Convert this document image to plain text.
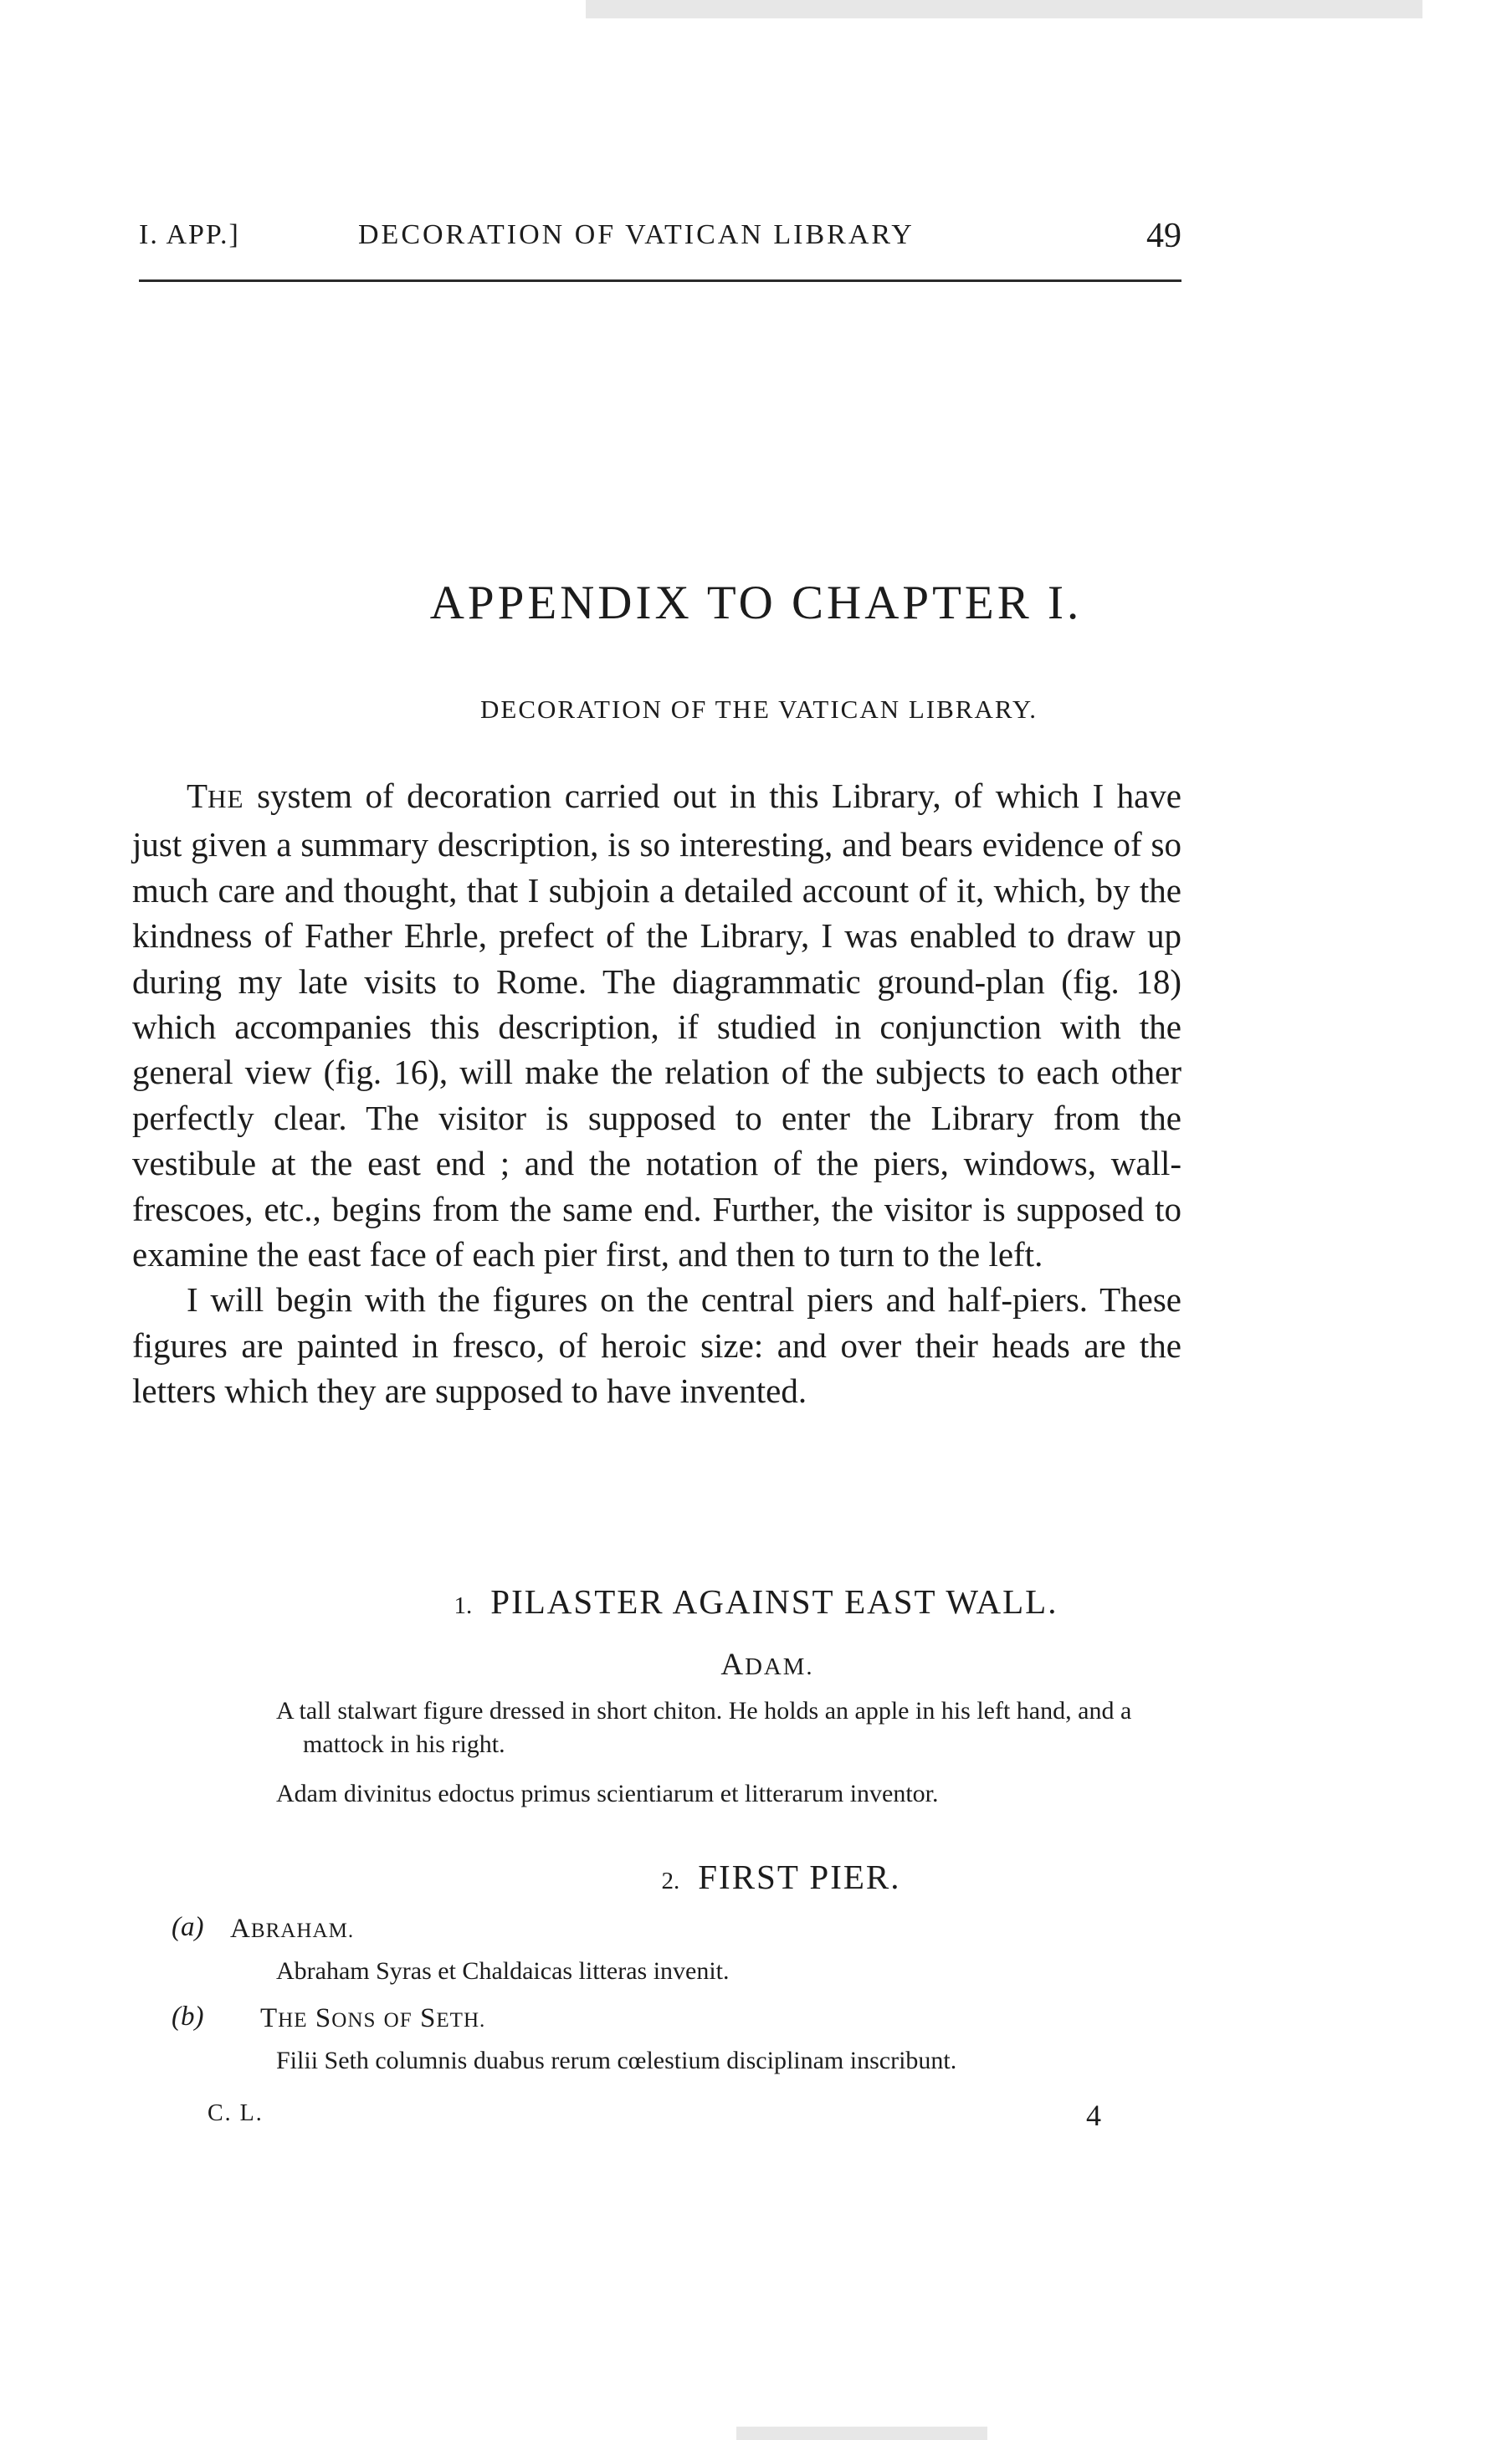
I. APP.]	DECORATION OF VATICAN LIBRARY	49
APPENDIX TO CHAPTER I.
DECORATION OF THE VATICAN LIBRARY.

THE system of decoration carried out in this Library, of which I have just given a summary description, is so interesting, and bears evidence of so much care and thought, that I subjoin a detailed account of it, which, by the kindness of Father Ehrle, prefect of the Library, I was enabled to draw up during my late visits to Rome. The diagrammatic ground-plan (fig. 18) which accompanies this description, if studied in conjunction with the general view (fig. 16), will make the relation of the subjects to each other perfectly clear. The visitor is supposed to enter the Library from the vestibule at the east end ; and the notation of the piers, windows, wall-frescoes, etc., begins from the same end. Further, the visitor is supposed to examine the east face of each pier first, and then to turn to the left.

I will begin with the figures on the central piers and half-piers. These figures are painted in fresco, of heroic size: and over their heads are the letters which they are supposed to have invented.

1. PILASTER AGAINST EAST WALL.
ADAM.
A tall stalwart figure dressed in short chiton. He holds an apple in his left hand, and a mattock in his right.
Adam divinitus edoctus primus scientiarum et litterarum inventor.
2. FIRST PIER.
(a) ABRAHAM.
Abraham Syras et Chaldaicas litteras invenit.
(b) THE SONS OF SETH.
Filii Seth columnis duabus rerum cœlestium disciplinam inscribunt.
C. L.	4
